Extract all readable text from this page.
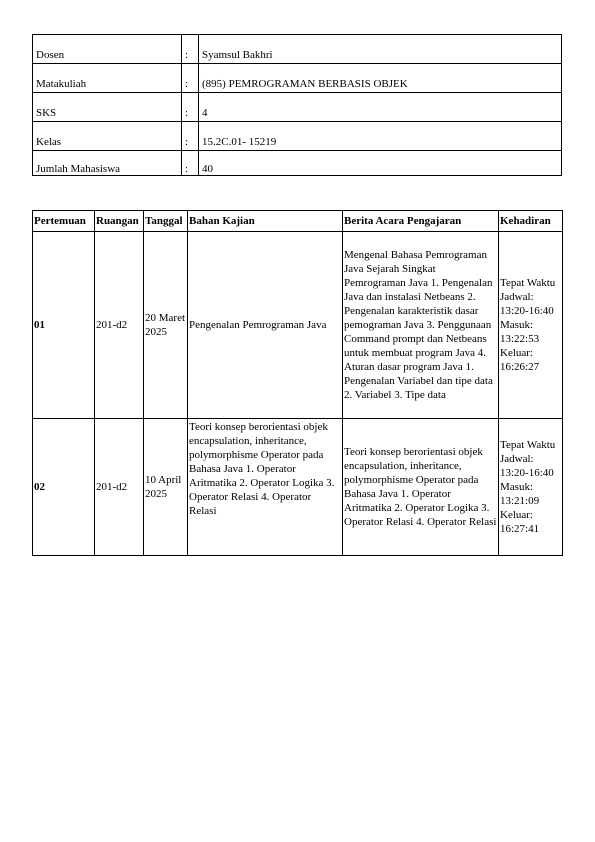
Dosen	:	Syamsul Bakhri
Matakuliah	:	(895) PEMROGRAMAN BERBASIS OBJEK
SKS	:	4
Kelas	:	15.2C.01- 15219
Jumlah Mahasiswa	:	40
Pertemuan	Ruangan	Tanggal	Bahan Kajian	Berita Acara Pengajaran	Kehadiran
01	201-d2	20 Maret 2025	Pengenalan Pemrograman Java	Mengenal Bahasa Pemrograman Java Sejarah Singkat Pemrograman Java 1. Pengenalan Java dan instalasi Netbeans 2. Pengenalan karakteristik dasar pemograman Java 3. Penggunaan Command prompt dan Netbeans untuk membuat program Java 4. Aturan dasar program Java 1. Pengenalan Variabel dan tipe data 2. Variabel 3. Tipe data	Tepat Waktu Jadwal: 13:20-16:40 Masuk: 13:22:53 Keluar: 16:26:27
02	201-d2	10 April 2025	Teori konsep berorientasi objek encapsulation, inheritance, polymorphisme Operator pada Bahasa Java 1. Operator Aritmatika 2. Operator Logika 3. Operator Relasi 4. Operator Relasi	Teori konsep berorientasi objek encapsulation, inheritance, polymorphisme Operator pada Bahasa Java 1. Operator Aritmatika 2. Operator Logika 3. Operator Relasi 4. Operator Relasi	Tepat Waktu Jadwal: 13:20-16:40 Masuk: 13:21:09 Keluar: 16:27:41
